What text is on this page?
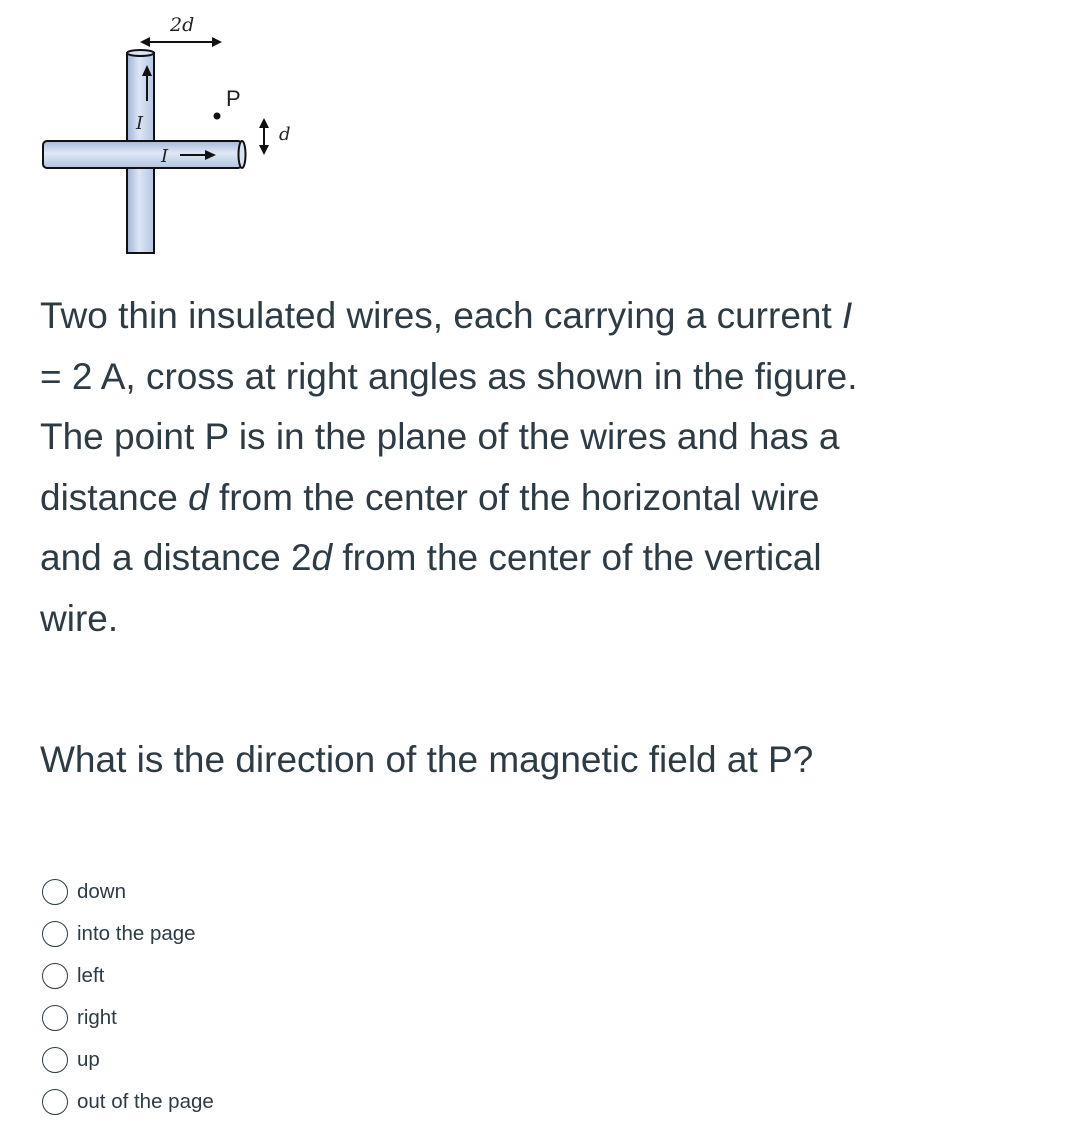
I
I
2d
P
d

Two thin insulated wires, each carrying a current I = 2 A, cross at right angles as shown in the figure. The point P is in the plane of the wires and has a distance d from the center of the horizontal wire and a distance 2d from the center of the vertical wire.

What is the direction of the magnetic field at P?

down
into the page
left
right
up
out of the page
